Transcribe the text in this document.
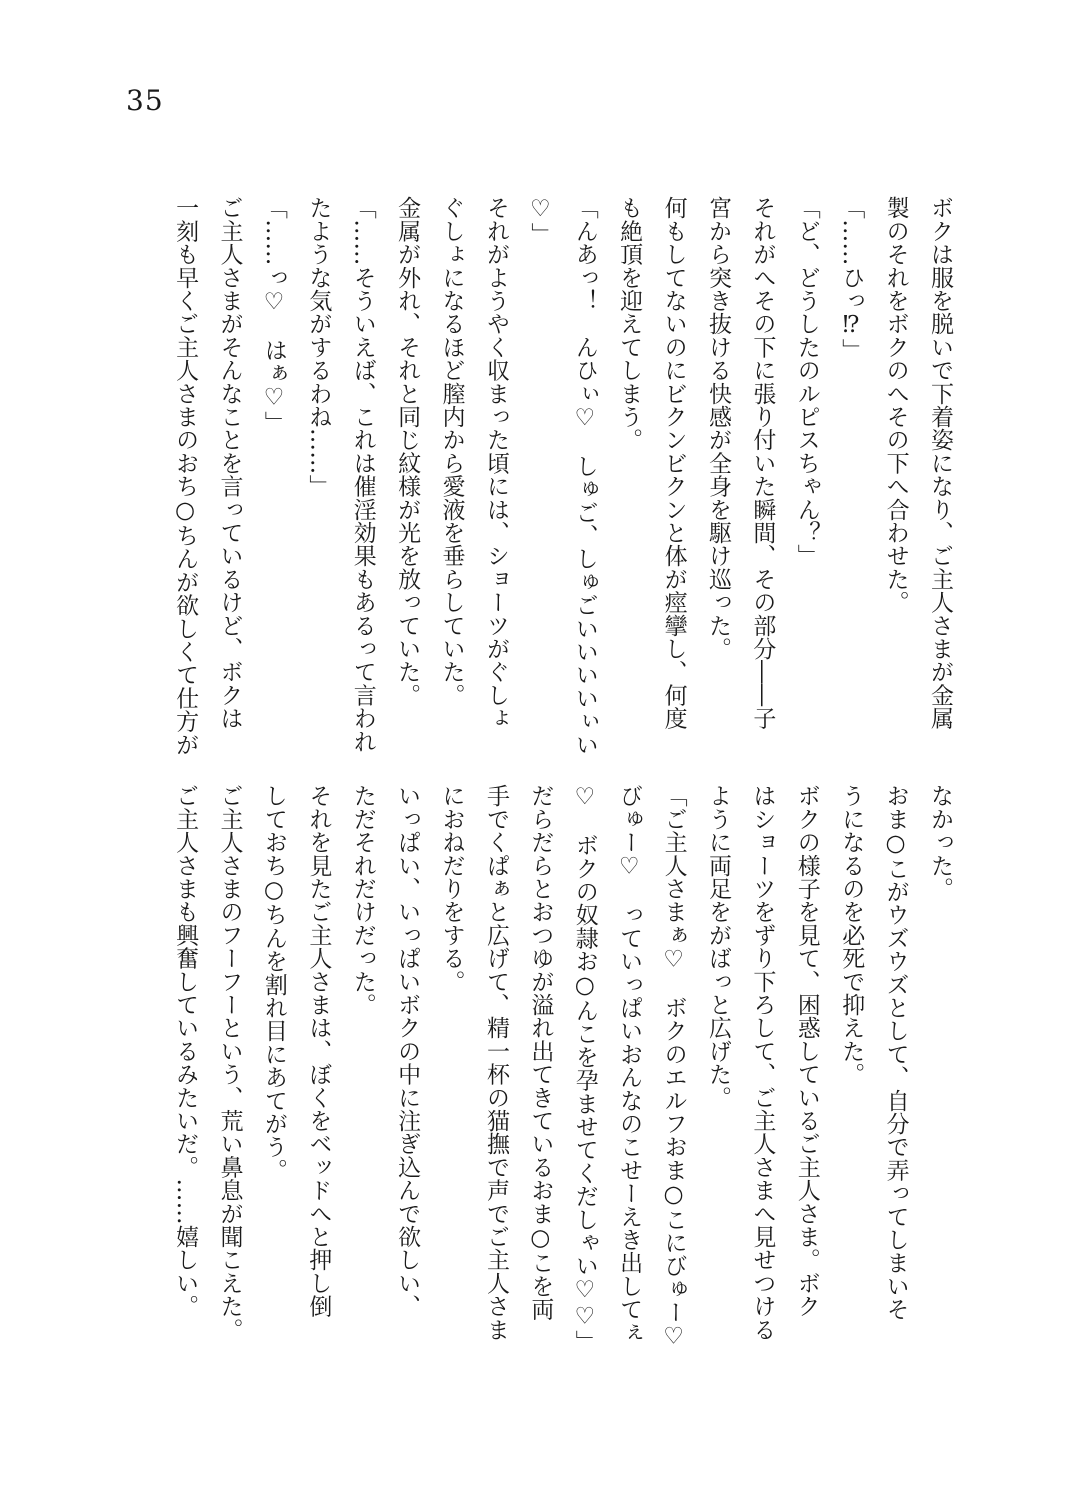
35
ボクは服を脱いで下着姿になり、ご主人さまが金属
製のそれをボクのへその下へ合わせた。
「……ひっ⁉」
「ど、どうしたのルピスちゃん？」
それがへその下に張り付いた瞬間、その部分――子
宮から突き抜ける快感が全身を駆け巡った。
何もしてないのにビクンビクンと体が痙攣し、何度
も絶頂を迎えてしまう。
「んあっ！　んひぃ♡　しゅご、しゅごいいいいぃい
♡」
それがようやく収まった頃には、ショーツがぐしょ
ぐしょになるほど膣内から愛液を垂らしていた。
金属が外れ、それと同じ紋様が光を放っていた。
「……そういえば、これは催淫効果もあるって言われ
たような気がするわね……」
「……っ♡　はぁ♡」
ご主人さまがそんなことを言っているけど、ボクは
一刻も早くご主人さまのおち○ちんが欲しくて仕方が
なかった。
おま○こがウズウズとして、自分で弄ってしまいそ
うになるのを必死で抑えた。
ボクの様子を見て、困惑しているご主人さま。ボク
はショーツをずり下ろして、ご主人さまへ見せつける
ように両足をがばっと広げた。
「ご主人さまぁ♡　ボクのエルフおま○こにびゅー♡
びゅー♡　っていっぱいおんなのこせーえき出してぇ
♡　ボクの奴隷お○んこを孕ませてくだしゃい♡♡」
だらだらとおつゆが溢れ出てきているおま○こを両
手でくぱぁと広げて、精一杯の猫撫で声でご主人さま
におねだりをする。
いっぱい、いっぱいボクの中に注ぎ込んで欲しい、
ただそれだけだった。
それを見たご主人さまは、ぼくをベッドへと押し倒
しておち○ちんを割れ目にあてがう。
ご主人さまのフーフーという、荒い鼻息が聞こえた。
ご主人さまも興奮しているみたいだ。……嬉しい。
